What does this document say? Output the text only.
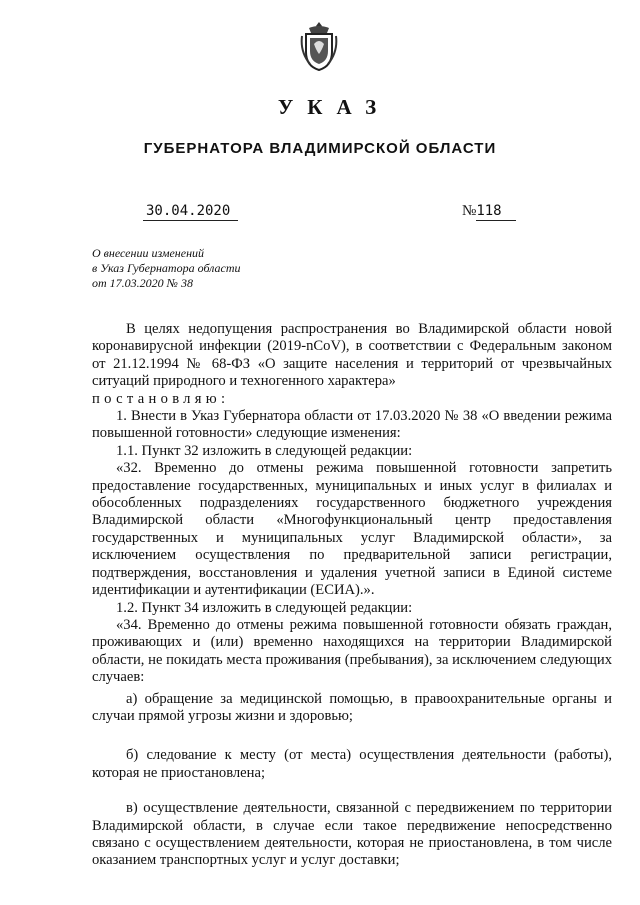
УКАЗ
ГУБЕРНАТОРА ВЛАДИМИРСКОЙ ОБЛАСТИ
30.04.2020	№118
О внесении изменений
в Указ Губернатора области
от 17.03.2020 № 38

В целях недопущения распространения во Владимирской области новой коронавирусной инфекции (2019-nCoV), в соответствии с Федеральным законом от 21.12.1994 № 68-ФЗ «О защите населения и территорий от чрезвычайных ситуаций природного и техногенного характера»

постановляю:

1. Внести в Указ Губернатора области от 17.03.2020 № 38 «О введении режима повышенной готовности» следующие изменения:

1.1. Пункт 32 изложить в следующей редакции:

«32. Временно до отмены режима повышенной готовности запретить предоставление государственных, муниципальных и иных услуг в филиалах и обособленных подразделениях государственного бюджетного учреждения Владимирской области «Многофункциональный центр предоставления государственных и муниципальных услуг Владимирской области», за исключением осуществления по предварительной записи регистрации, подтверждения, восстановления и удаления учетной записи в Единой системе идентификации и аутентификации (ЕСИА).».

1.2. Пункт 34 изложить в следующей редакции:

«34. Временно до отмены режима повышенной готовности обязать граждан, проживающих и (или) временно находящихся на территории Владимирской области, не покидать места проживания (пребывания), за исключением следующих случаев:

а) обращение за медицинской помощью, в правоохранительные органы и случаи прямой угрозы жизни и здоровью;

б) следование к месту (от места) осуществления деятельности (работы), которая не приостановлена;

в) осуществление деятельности, связанной с передвижением по территории Владимирской области, в случае если такое передвижение непосредственно связано с осуществлением деятельности, которая не приостановлена, в том числе оказанием транспортных услуг и услуг доставки;
